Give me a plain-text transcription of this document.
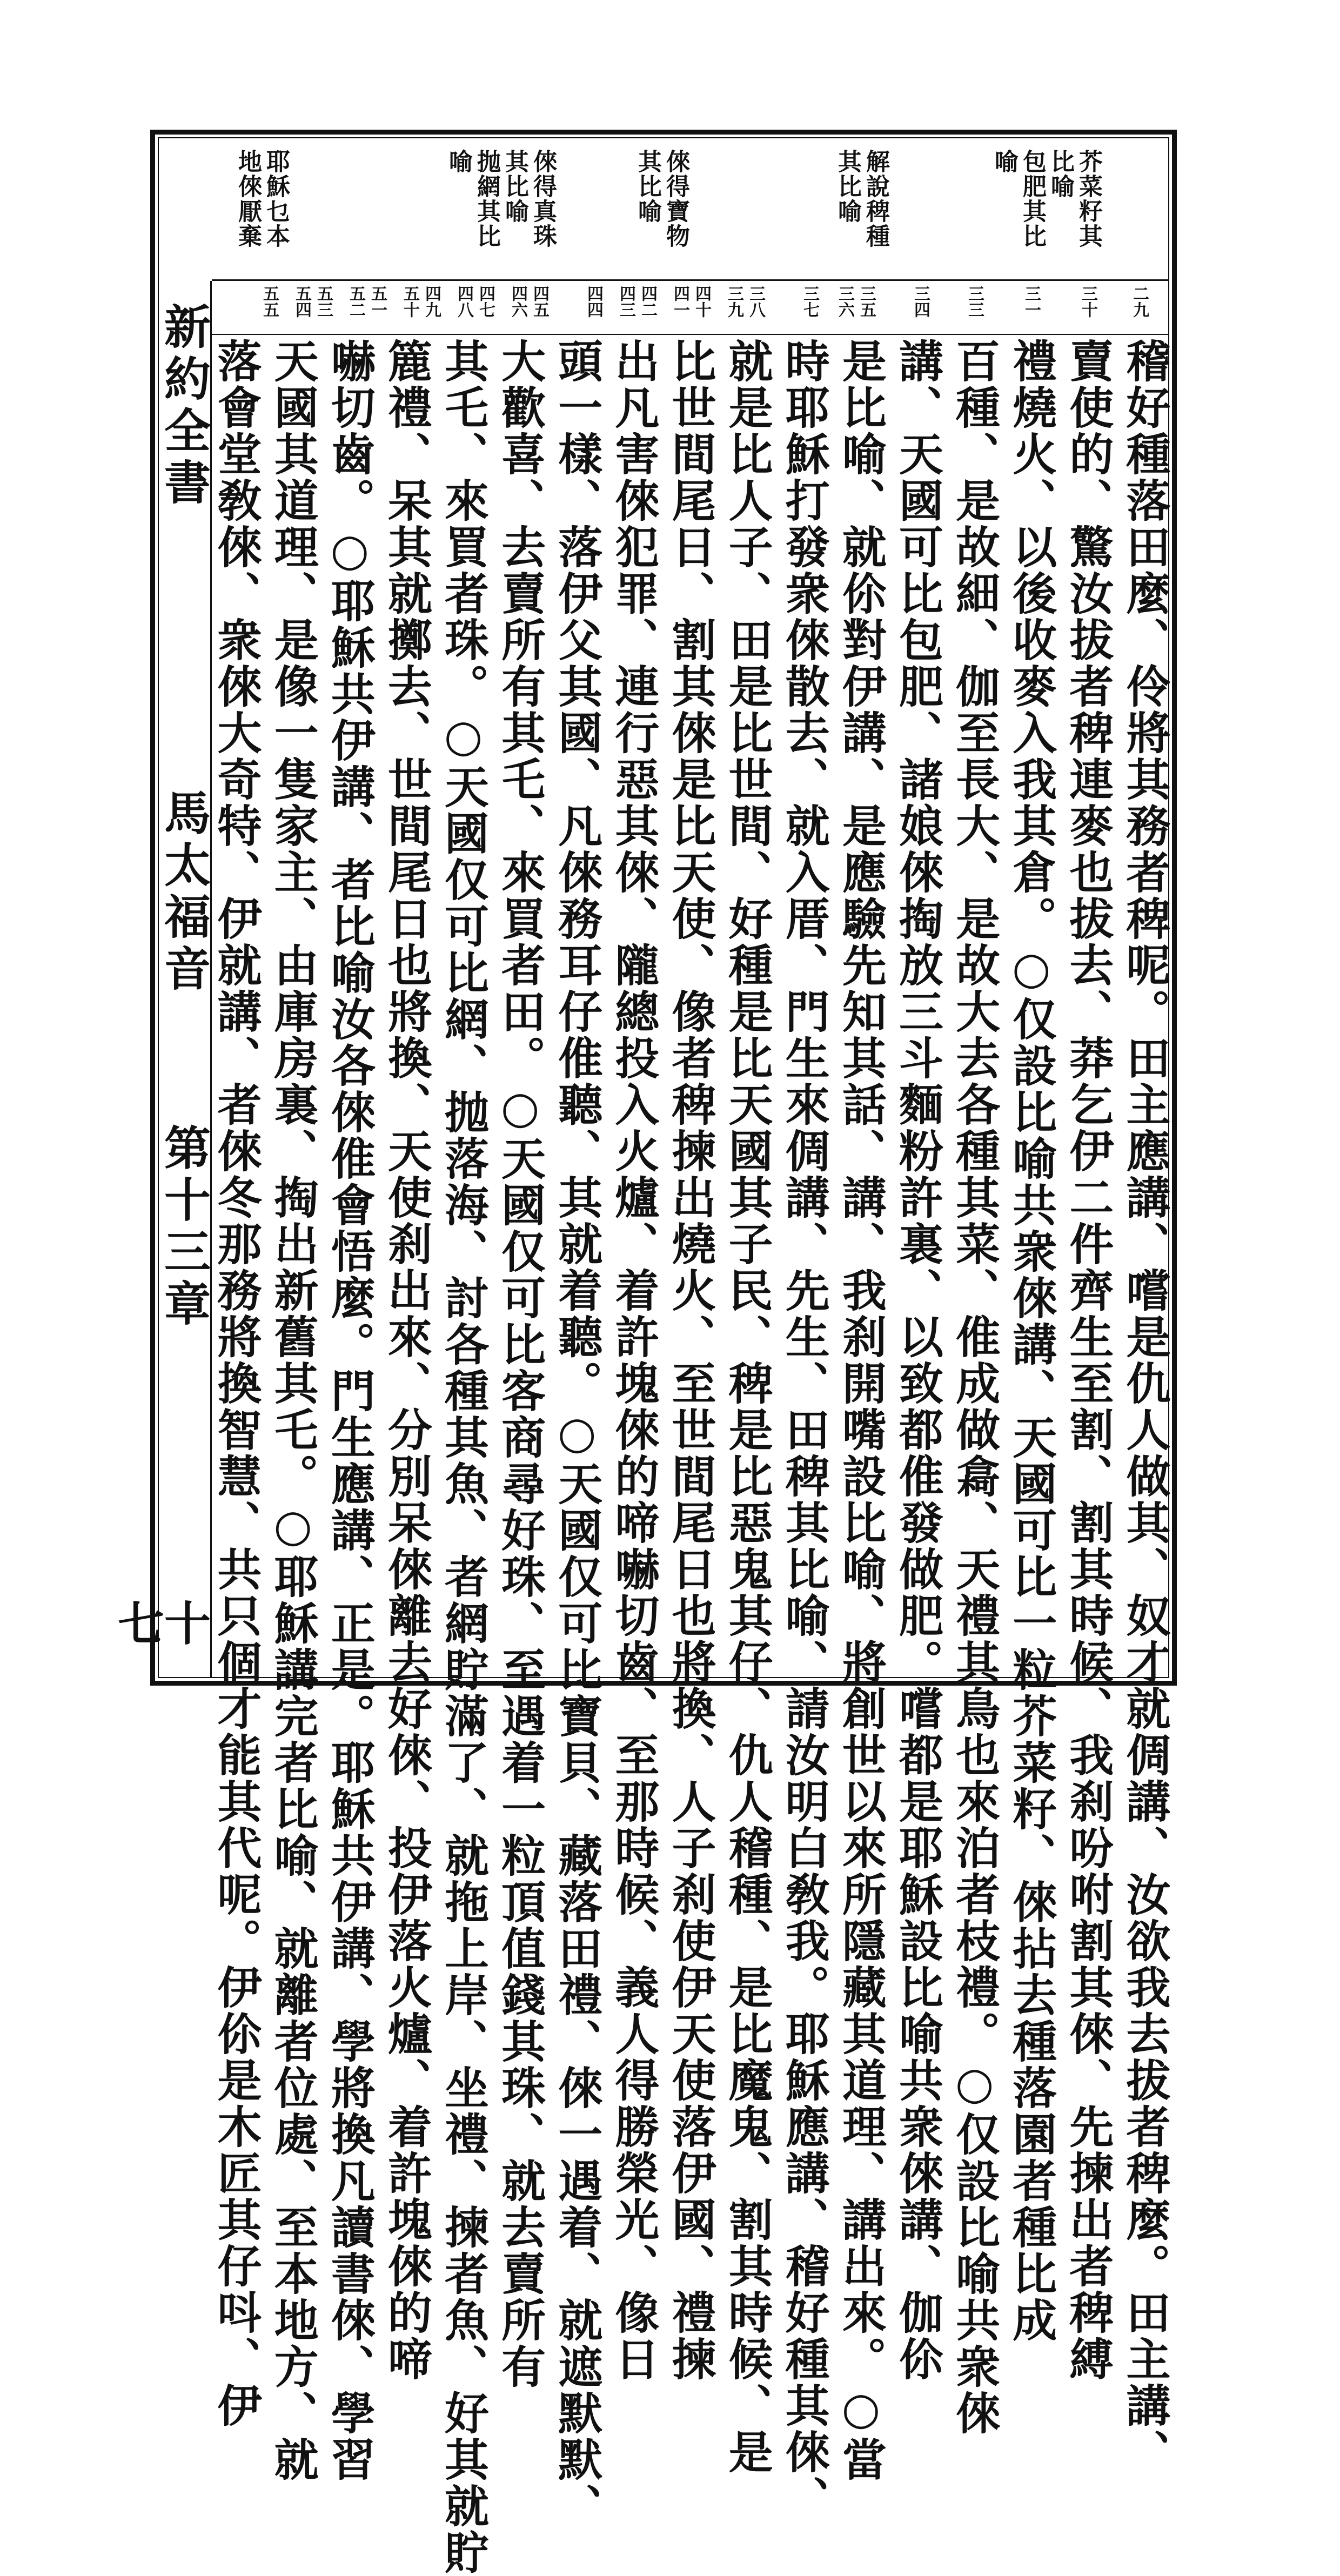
新約全書
馬太福音
第十三章
十七
芥菜籽其
比喻
包肥其比
喻
解說稗種
其比喻
倈得寶物
其比喻
倈得真珠
其比喻
抛網其比
喻
耶穌乜本
地倈厭棄
二九
三十
三一
三三
三四
三五
三六
三七
三八
三九
四十
四一
四二
四三
四四
四五
四六
四七
四八
四九
五十
五一
五二
五三
五四
五五
稽好種落田麼、伶將其務者稗呢。田主應講、嚐是仇人做其、奴才就倜講、汝欲我去拔者稗麼。田主講、
賣使的、驚汝拔者稗連麥也拔去、莽乞伊二件齊生至割、割其時候、我刹吩咐割其倈、先揀出者稗縛
禮燒火、以後收麥入我其倉。○仅設比喻共衆倈講、天國可比一粒芥菜籽、倈拈去種落園者種比成
百種、是故細、伽至長大、是故大去各種其菜、倠成做樖、天禮其鳥也來泊者枝禮。○仅設比喻共衆倈
講、天國可比包肥、諸娘倈掏放三斗麵粉許裏、以致都倠發做肥。嚐都是耶穌設比喻共衆倈講、伽伱
是比喻、就伱對伊講、是應驗先知其話、講、我刹開嘴設比喻、將創世以來所隱藏其道理、講出來。○當
時耶穌打發衆倈散去、就入厝、門生來倜講、先生、田稗其比喻、請汝明白敎我。耶穌應講、稽好種其倈、
就是比人子、田是比世間、好種是比天國其子民、稗是比惡鬼其仔、仇人稽種、是比魔鬼、割其時候、是
比世間尾日、割其倈是比天使、像者稗揀出燒火、至世間尾日也將換、人子刹使伊天使落伊國、禮揀
出凡害倈犯罪、連行惡其倈、隴總投入火爐、着許塊倈的啼嚇切齒、至那時候、義人得勝榮光、像日
頭一樣、落伊父其國、凡倈務耳仔倠聽、其就着聽。○天國仅可比寶貝、藏落田禮、倈一遇着、就遮默默、
大歡喜、去賣所有其乇、來買者田。○天國仅可比客商尋好珠、至遇着一粒頂值錢其珠、就去賣所有
其乇、來買者珠。○天國仅可比網、抛落海、討各種其魚、者網貯滿了、就拖上岸、坐禮、揀者魚、好其就貯
簏禮、呆其就擲去、世間尾日也將換、天使刹出來、分別呆倈離去好倈、投伊落火爐、着許塊倈的啼
嚇切齒。○耶穌共伊講、者比喻汝各倈倠會悟麼。門生應講、正是。耶穌共伊講、學將換凡讀書倈、學習
天國其道理、是像一隻家主、由庫房裏、掏出新舊其乇。○耶穌講完者比喻、就離者位處、至本地方、就
落會堂敎倈、衆倈大奇特、伊就講、者倈冬那務將換智慧、共只個才能其代呢。伊伱是木匠其仔呌、伊
